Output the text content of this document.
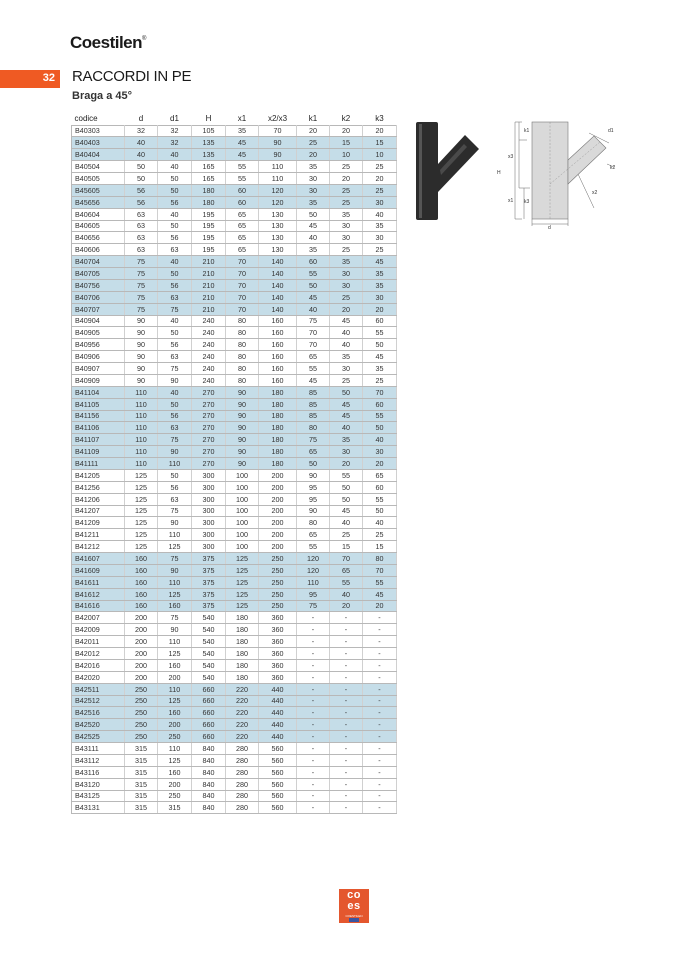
Coestilen®
32 RACCORDI IN PE
Braga a 45°
codice	d	d1	H	x1	x2/x3	k1	k2	k3
B40303	32	32	105	35	70	20	20	20
B40403	40	32	135	45	90	25	15	15
B40404	40	40	135	45	90	20	10	10
B40504	50	40	165	55	110	35	25	25
B40505	50	50	165	55	110	30	20	20
B45605	56	50	180	60	120	30	25	25
B45656	56	56	180	60	120	35	25	30
B40604	63	40	195	65	130	50	35	40
B40605	63	50	195	65	130	45	30	35
B40656	63	56	195	65	130	40	30	30
B40606	63	63	195	65	130	35	25	25
B40704	75	40	210	70	140	60	35	45
B40705	75	50	210	70	140	55	30	35
B40756	75	56	210	70	140	50	30	35
B40706	75	63	210	70	140	45	25	30
B40707	75	75	210	70	140	40	20	20
B40904	90	40	240	80	160	75	45	60
B40905	90	50	240	80	160	70	40	55
B40956	90	56	240	80	160	70	40	50
B40906	90	63	240	80	160	65	35	45
B40907	90	75	240	80	160	55	30	35
B40909	90	90	240	80	160	45	25	25
B41104	110	40	270	90	180	85	50	70
B41105	110	50	270	90	180	85	45	60
B41156	110	56	270	90	180	85	45	55
B41106	110	63	270	90	180	80	40	50
B41107	110	75	270	90	180	75	35	40
B41109	110	90	270	90	180	65	30	30
B41111	110	110	270	90	180	50	20	20
B41205	125	50	300	100	200	90	55	65
B41256	125	56	300	100	200	95	50	60
B41206	125	63	300	100	200	95	50	55
B41207	125	75	300	100	200	90	45	50
B41209	125	90	300	100	200	80	40	40
B41211	125	110	300	100	200	65	25	25
B41212	125	125	300	100	200	55	15	15
B41607	160	75	375	125	250	120	70	80
B41609	160	90	375	125	250	120	65	70
B41611	160	110	375	125	250	110	55	55
B41612	160	125	375	125	250	95	40	45
B41616	160	160	375	125	250	75	20	20
B42007	200	75	540	180	360	-	-	-
B42009	200	90	540	180	360	-	-	-
B42011	200	110	540	180	360	-	-	-
B42012	200	125	540	180	360	-	-	-
B42016	200	160	540	180	360	-	-	-
B42020	200	200	540	180	360	-	-	-
B42511	250	110	660	220	440	-	-	-
B42512	250	125	660	220	440	-	-	-
B42516	250	160	660	220	440	-	-	-
B42520	250	200	660	220	440	-	-	-
B42525	250	250	660	220	440	-	-	-
B43111	315	110	840	280	560	-	-	-
B43112	315	125	840	280	560	-	-	-
B43116	315	160	840	280	560	-	-	-
B43120	315	200	840	280	560	-	-	-
B43125	315	250	840	280	560	-	-	-
B43131	315	315	840	280	560	-	-	-
k1
k3
k2
d1
x3
x1
x2
H
d
co
es
COESTILEN
